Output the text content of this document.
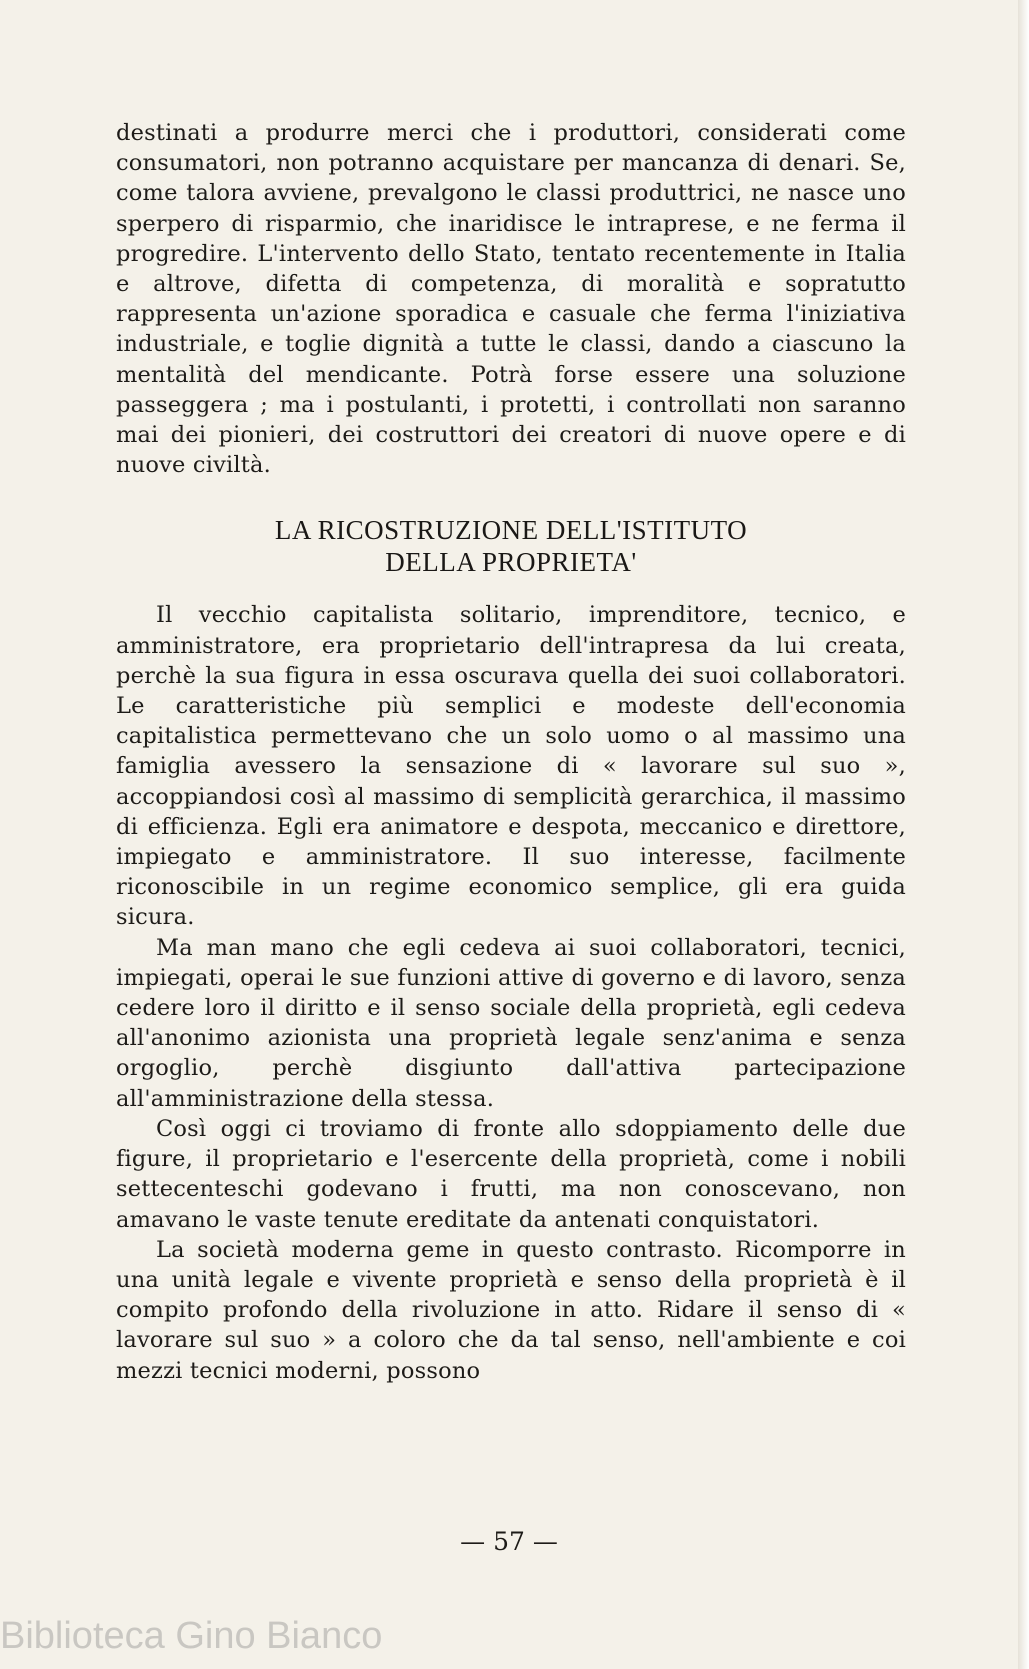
destinati a produrre merci che i produttori, considerati come consumatori, non potranno acquistare per mancanza di denari. Se, come talora avviene, prevalgono le classi produttrici, ne nasce uno sperpero di risparmio, che inaridisce le intraprese, e ne ferma il progredire. L'intervento dello Stato, tentato recentemente in Italia e altrove, difetta di competenza, di moralità e sopratutto rappresenta un'azione sporadica e casuale che ferma l'iniziativa industriale, e toglie dignità a tutte le classi, dando a ciascuno la mentalità del mendicante. Potrà forse essere una soluzione passeggera ; ma i postulanti, i protetti, i controllati non saranno mai dei pionieri, dei costruttori dei creatori di nuove opere e di nuove civiltà.

LA RICOSTRUZIONE DELL'ISTITUTO
DELLA PROPRIETA'

Il vecchio capitalista solitario, imprenditore, tecnico, e amministratore, era proprietario dell'intrapresa da lui creata, perchè la sua figura in essa oscurava quella dei suoi collaboratori. Le caratteristiche più semplici e modeste dell'economia capitalistica permettevano che un solo uomo o al massimo una famiglia avessero la sensazione di « lavorare sul suo », accoppiandosi così al massimo di semplicità gerarchica, il massimo di efficienza. Egli era animatore e despota, meccanico e direttore, impiegato e amministratore. Il suo interesse, facilmente riconoscibile in un regime economico semplice, gli era guida sicura.

Ma man mano che egli cedeva ai suoi collaboratori, tecnici, impiegati, operai le sue funzioni attive di governo e di lavoro, senza cedere loro il diritto e il senso sociale della proprietà, egli cedeva all'anonimo azionista una proprietà legale senz'anima e senza orgoglio, perchè disgiunto dall'attiva partecipazione all'amministrazione della stessa.

Così oggi ci troviamo di fronte allo sdoppiamento delle due figure, il proprietario e l'esercente della proprietà, come i nobili settecenteschi godevano i frutti, ma non conoscevano, non amavano le vaste tenute ereditate da antenati conquistatori.

La società moderna geme in questo contrasto. Ricomporre in una unità legale e vivente proprietà e senso della proprietà è il compito profondo della rivoluzione in atto. Ridare il senso di « lavorare sul suo » a coloro che da tal senso, nell'ambiente e coi mezzi tecnici moderni, possono

— 57 —
Biblioteca Gino Bianco
